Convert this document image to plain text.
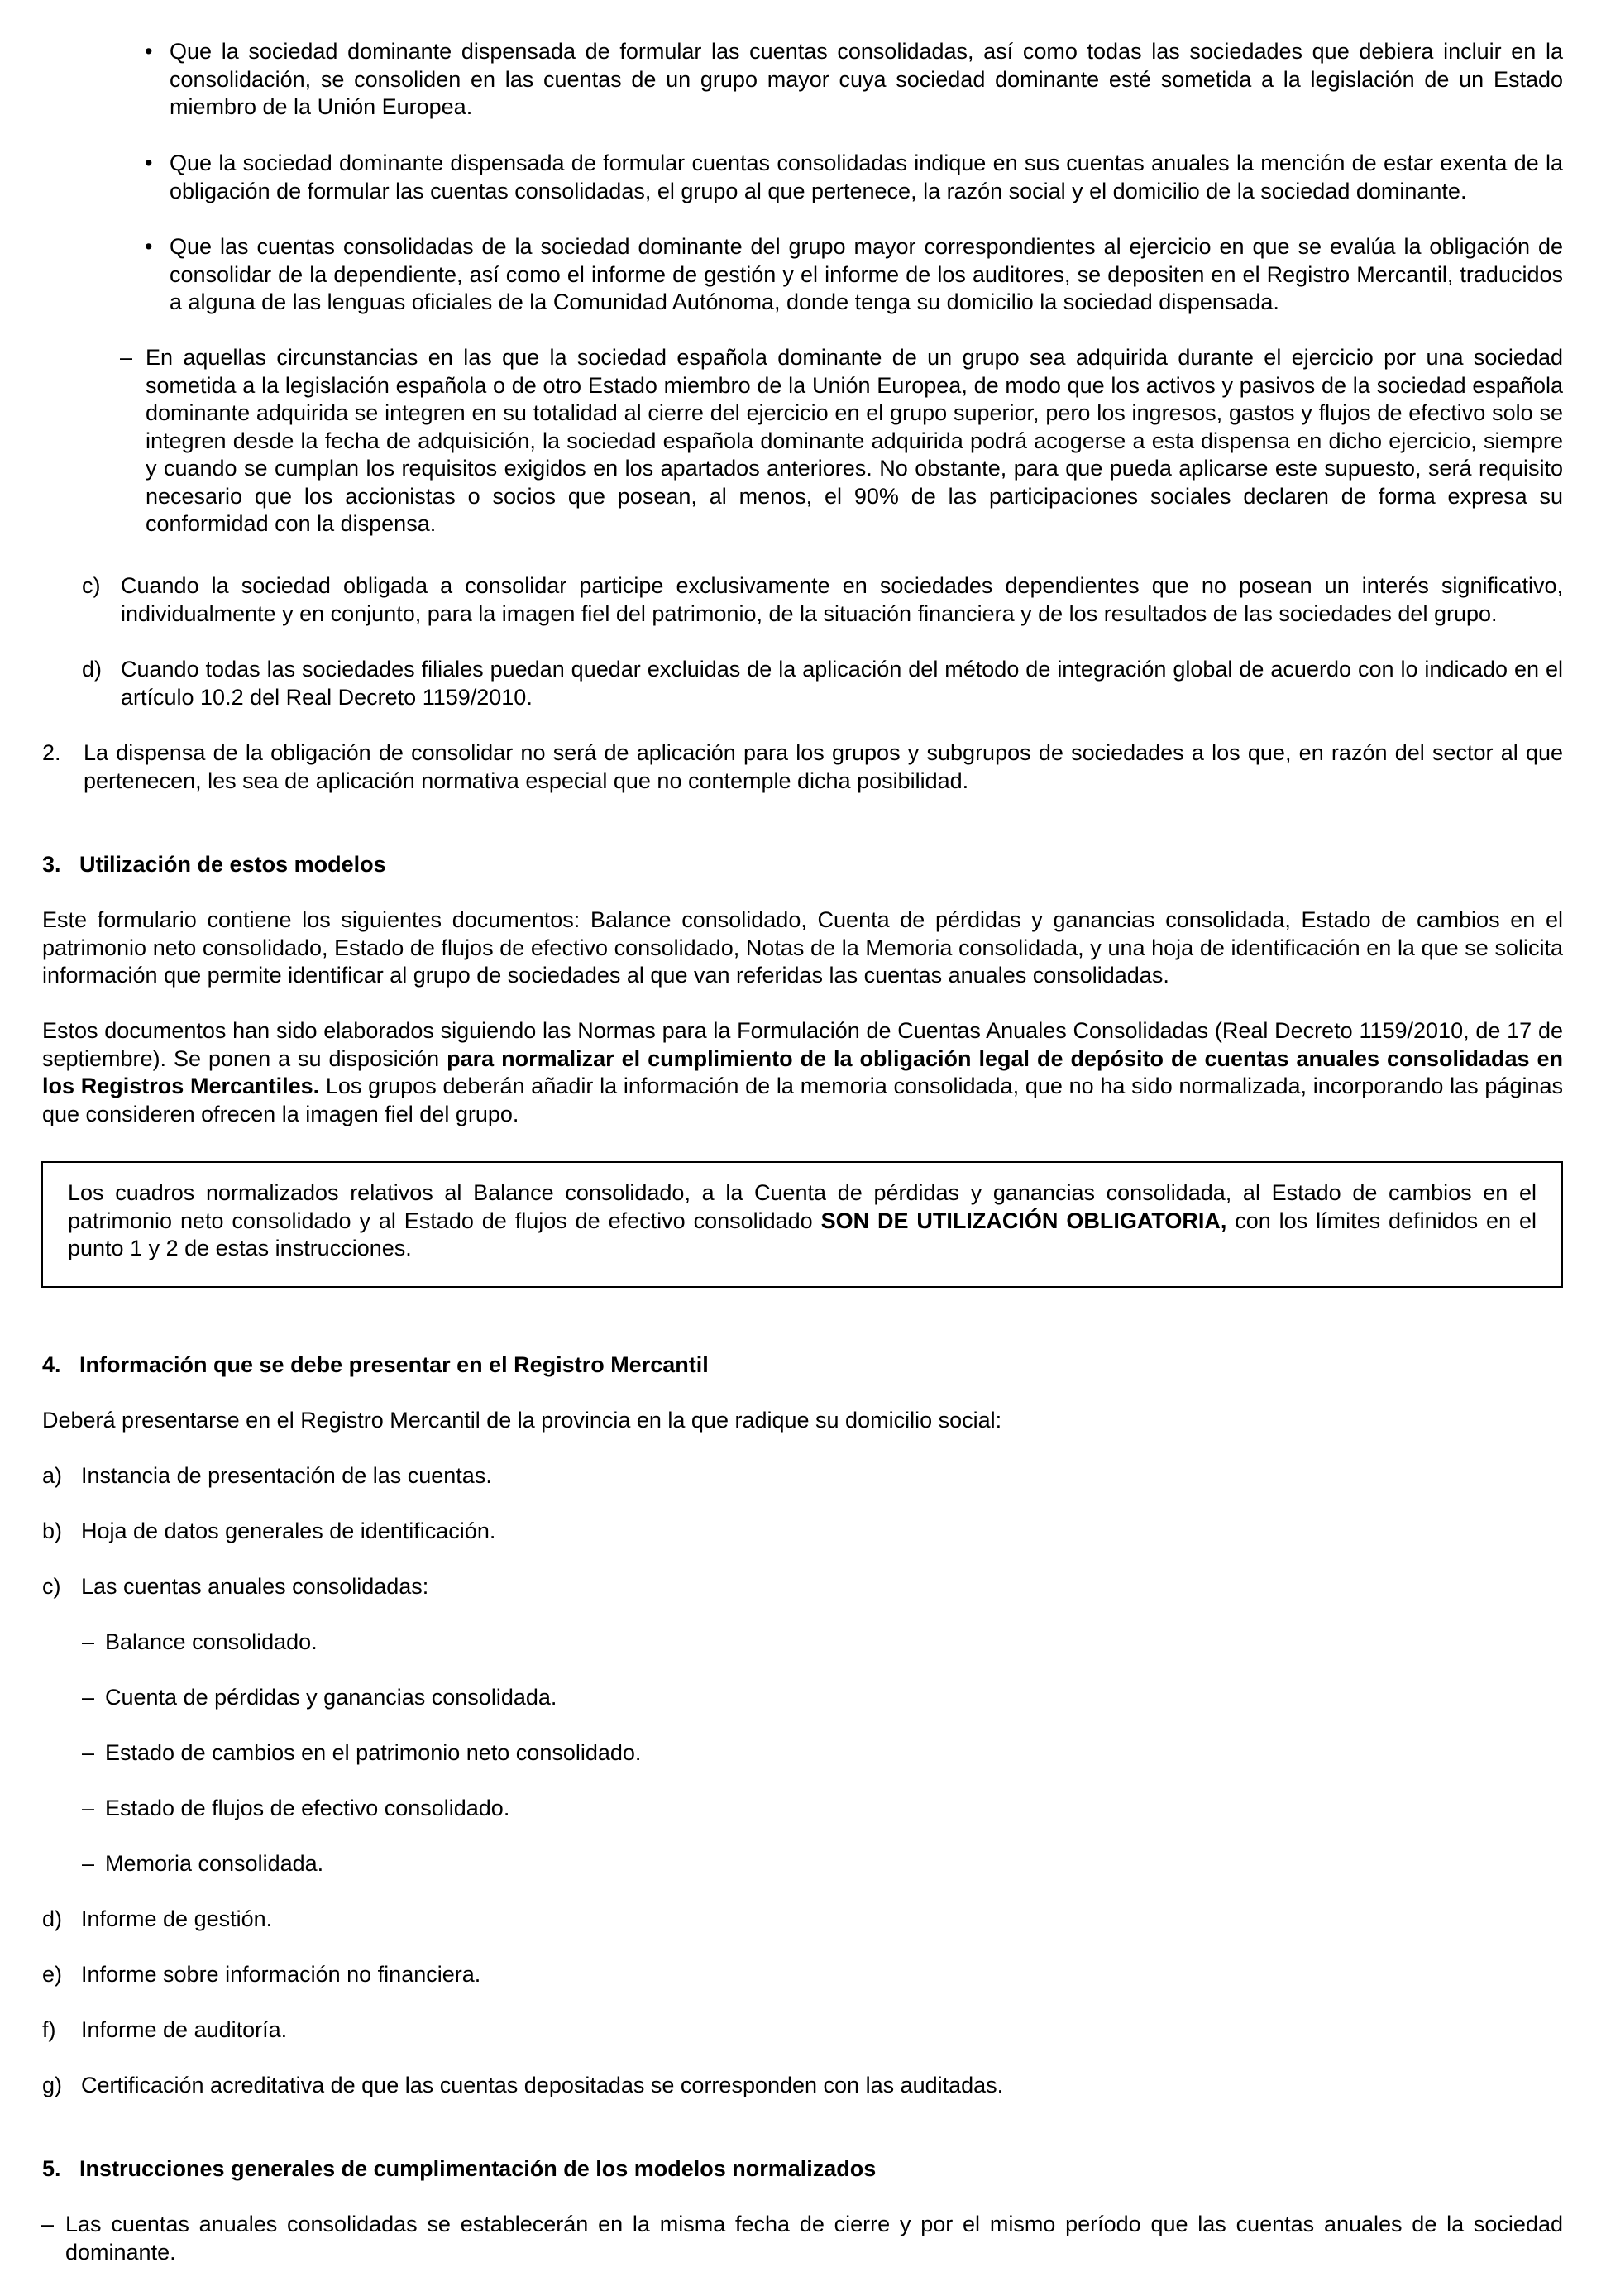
• Que la sociedad dominante dispensada de formular las cuentas consolidadas, así como todas las sociedades que debiera incluir en la consolidación, se consoliden en las cuentas de un grupo mayor cuya sociedad dominante esté sometida a la legislación de un Estado miembro de la Unión Europea.
• Que la sociedad dominante dispensada de formular cuentas consolidadas indique en sus cuentas anuales la mención de estar exenta de la obligación de formular las cuentas consolidadas, el grupo al que pertenece, la razón social y el domicilio de la sociedad dominante.
• Que las cuentas consolidadas de la sociedad dominante del grupo mayor correspondientes al ejercicio en que se evalúa la obligación de consolidar de la dependiente, así como el informe de gestión y el informe de los auditores, se depositen en el Registro Mercantil, traducidos a alguna de las lenguas oficiales de la Comunidad Autónoma, donde tenga su domicilio la sociedad dispensada.
– En aquellas circunstancias en las que la sociedad española dominante de un grupo sea adquirida durante el ejercicio por una sociedad sometida a la legislación española o de otro Estado miembro de la Unión Europea, de modo que los activos y pasivos de la sociedad española dominante adquirida se integren en su totalidad al cierre del ejercicio en el grupo superior, pero los ingresos, gastos y flujos de efectivo solo se integren desde la fecha de adquisición, la sociedad española dominante adquirida podrá acogerse a esta dispensa en dicho ejercicio, siempre y cuando se cumplan los requisitos exigidos en los apartados anteriores. No obstante, para que pueda aplicarse este supuesto, será requisito necesario que los accionistas o socios que posean, al menos, el 90% de las participaciones sociales declaren de forma expresa su conformidad con la dispensa.
c) Cuando la sociedad obligada a consolidar participe exclusivamente en sociedades dependientes que no posean un interés significativo, individualmente y en conjunto, para la imagen fiel del patrimonio, de la situación financiera y de los resultados de las sociedades del grupo.
d) Cuando todas las sociedades filiales puedan quedar excluidas de la aplicación del método de integración global de acuerdo con lo indicado en el artículo 10.2 del Real Decreto 1159/2010.
2. La dispensa de la obligación de consolidar no será de aplicación para los grupos y subgrupos de sociedades a los que, en razón del sector al que pertenecen, les sea de aplicación normativa especial que no contemple dicha posibilidad.
3.   Utilización de estos modelos

Este formulario contiene los siguientes documentos: Balance consolidado, Cuenta de pérdidas y ganancias consolidada, Estado de cambios en el patrimonio neto consolidado, Estado de flujos de efectivo consolidado, Notas de la Memoria consolidada, y una hoja de identificación en la que se solicita información que permite identificar al grupo de sociedades al que van referidas las cuentas anuales consolidadas.

Estos documentos han sido elaborados siguiendo las Normas para la Formulación de Cuentas Anuales Consolidadas (Real Decreto 1159/2010, de 17 de septiembre). Se ponen a su disposición para normalizar el cumplimiento de la obligación legal de depósito de cuentas anuales consolidadas en los Registros Mercantiles. Los grupos deberán añadir la información de la memoria consolidada, que no ha sido normalizada, incorporando las páginas que consideren ofrecen la imagen fiel del grupo.

Los cuadros normalizados relativos al Balance consolidado, a la Cuenta de pérdidas y ganancias consolidada, al Estado de cambios en el patrimonio neto consolidado y al Estado de flujos de efectivo consolidado SON DE UTILIZACIÓN OBLIGATORIA, con los límites definidos en el punto 1 y 2 de estas instrucciones.
4.   Información que se debe presentar en el Registro Mercantil
Deberá presentarse en el Registro Mercantil de la provincia en la que radique su domicilio social:
a) Instancia de presentación de las cuentas.
b) Hoja de datos generales de identificación.
c) Las cuentas anuales consolidadas:
– Balance consolidado.
– Cuenta de pérdidas y ganancias consolidada.
– Estado de cambios en el patrimonio neto consolidado.
– Estado de flujos de efectivo consolidado.
– Memoria consolidada.
d) Informe de gestión.
e) Informe sobre información no financiera.
f) Informe de auditoría.
g) Certificación acreditativa de que las cuentas depositadas se corresponden con las auditadas.
5.   Instrucciones generales de cumplimentación de los modelos normalizados
– Las cuentas anuales consolidadas se establecerán en la misma fecha de cierre y por el mismo período que las cuentas anuales de la sociedad dominante.
